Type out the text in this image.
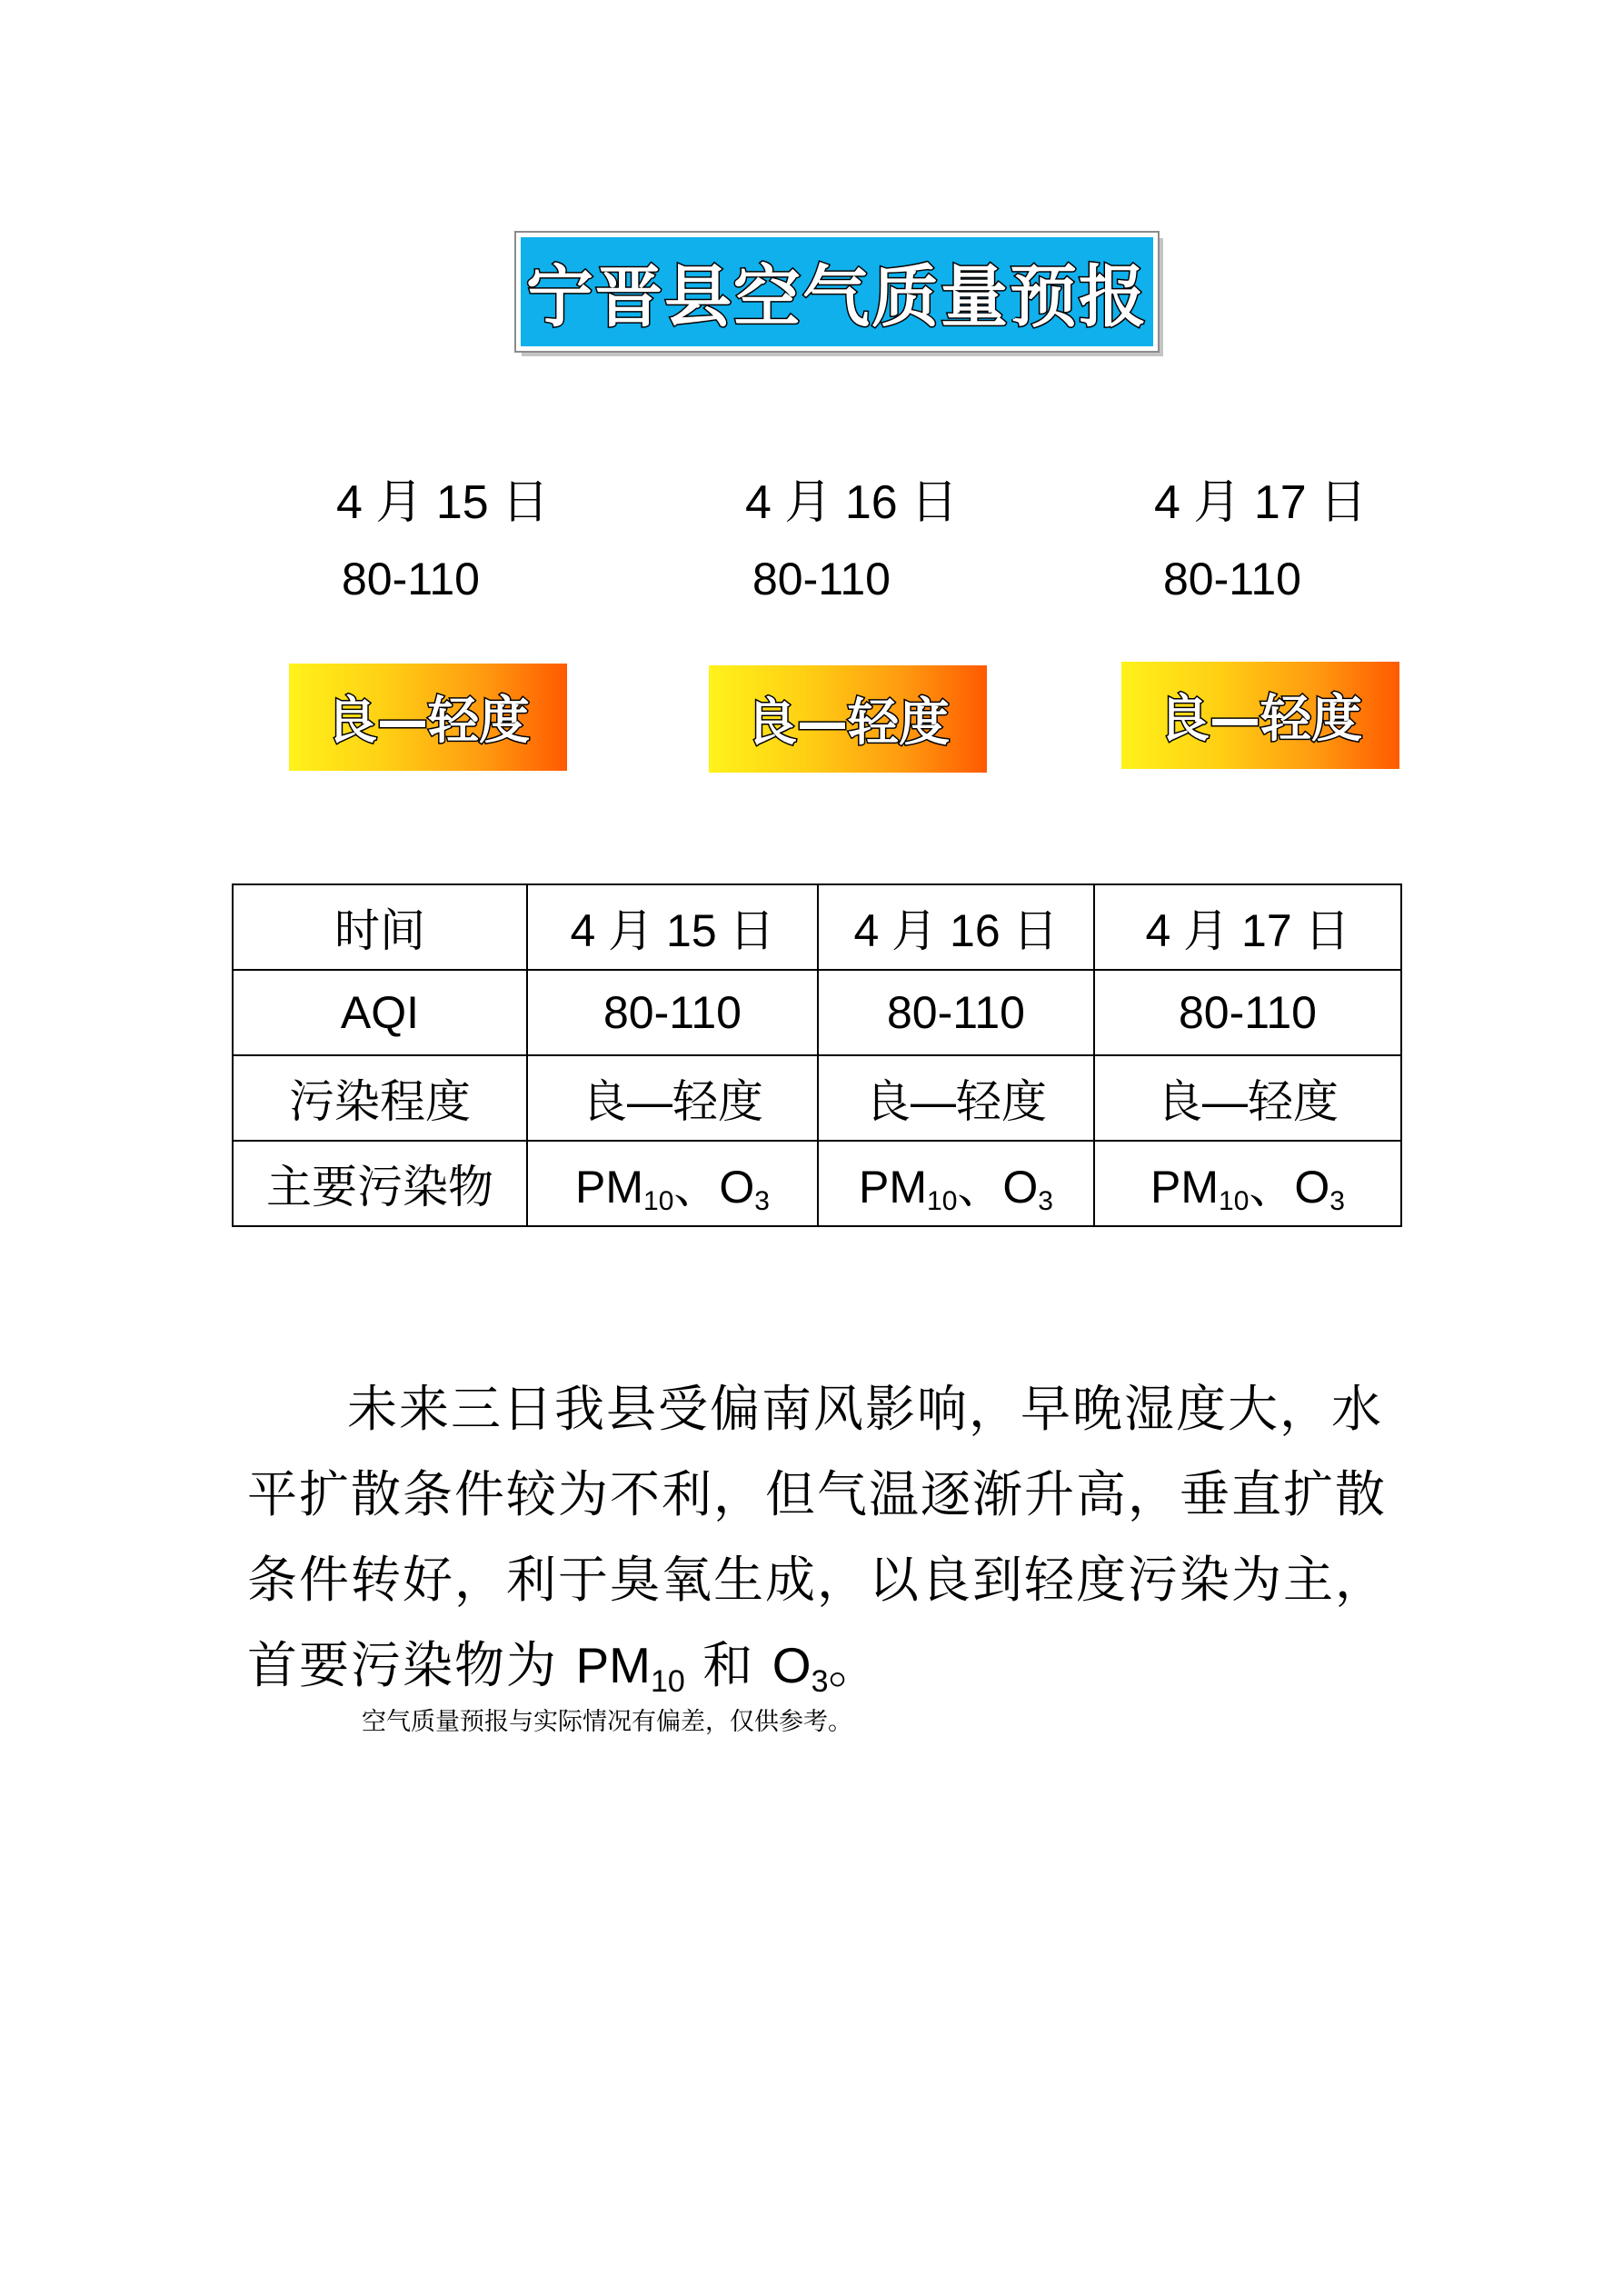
宁晋县空气质量预报
4 月 15 日
80-110
良—轻度
4 月 16 日
80-110
良—轻度
4 月 17 日
80-110
良—轻度
时间	4 月 15 日	4 月 16 日	4 月 17 日
AQI	80-110	80-110	80-110
污染程度	良—轻度	良—轻度	良—轻度
主要污染物	$PM_{10}$、$O_3$	$PM_{10}$、$O_3$	$PM_{10}$、$O_3$

未来三日我县受偏南风影响，早晚湿度大，水平扩散条件较为不利，但气温逐渐升高，垂直扩散条件转好，利于臭氧生成，以良到轻度污染为主，首要污染物为 $PM_{10}$ 和 $O_3$。

空气质量预报与实际情况有偏差，仅供参考。
